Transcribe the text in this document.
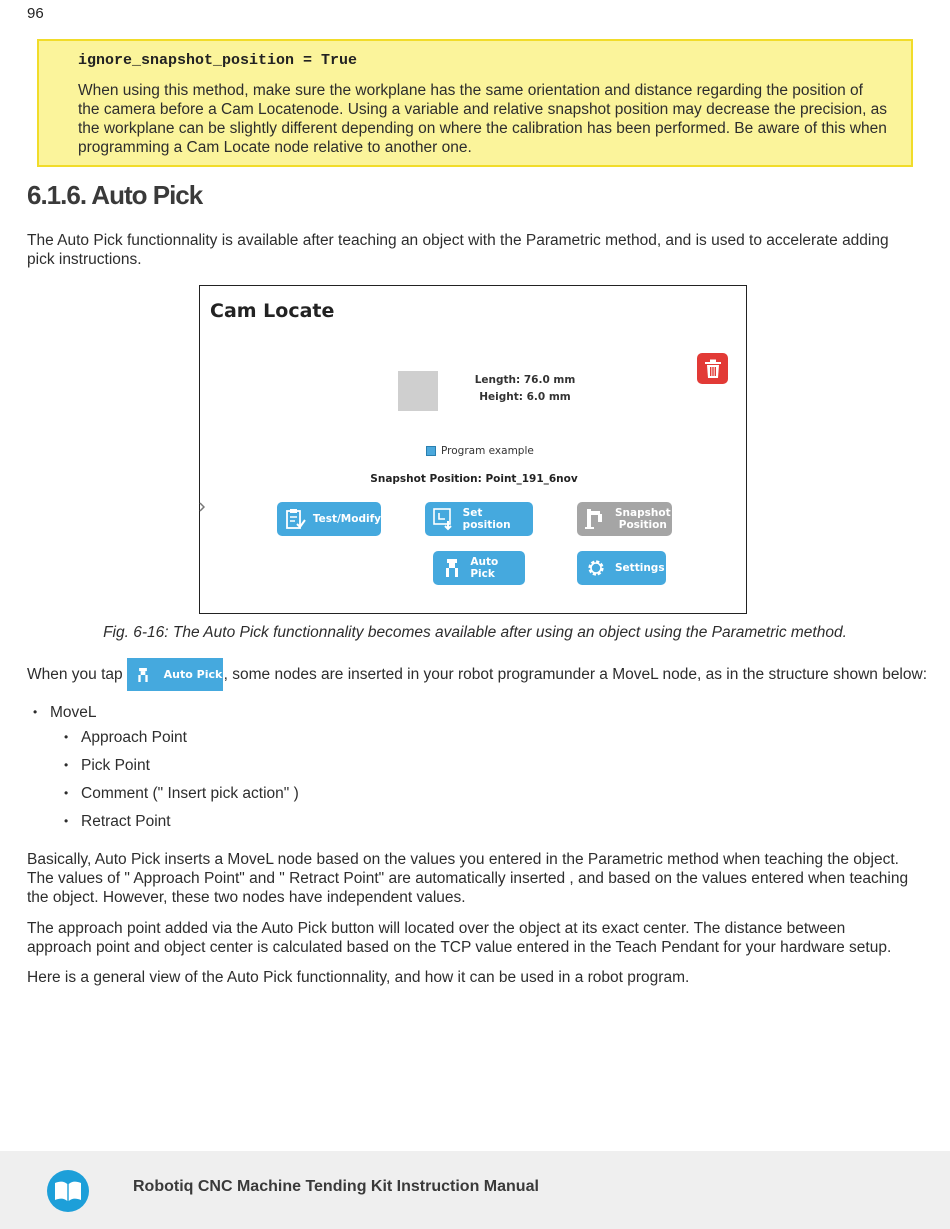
96
ignore_snapshot_position = True

When using this method, make sure the workplane has the same orientation and distance regarding the position of the camera before a Cam Locatenode. Using a variable and relative snapshot position may decrease the precision, as the workplane can be slightly different depending on where the calibration has been performed. Be aware of this when programming a Cam Locate node relative to another one.

6.1.6. Auto Pick

The Auto Pick functionnality is available after teaching an object with the Parametric method, and is used to accelerate adding pick instructions.

Cam Locate
Length: 76.0 mm
Height: 6.0 mm
Program example
Snapshot Position: Point_191_6nov
Test/Modify	Set position
Snapshot
Position
Auto Pick	Settings

Fig. 6-16: The Auto Pick functionnality becomes available after using an object using the Parametric method.

When you tap	Auto Pick , some nodes are inserted in your robot programunder a MoveL node, as in the structure shown below:
• MoveL
• Approach Point
• Pick Point
• Comment (" Insert pick action" )
• Retract Point

Basically, Auto Pick inserts a MoveL node based on the values you entered in the Parametric method when teaching the object. The values of " Approach Point" and " Retract Point" are automatically inserted , and based on the values entered when teaching the object. However, these two nodes have independent values.

The approach point added via the Auto Pick button will located over the object at its exact center. The distance between approach point and object center is calculated based on the TCP value entered in the Teach Pendant for your hardware setup.

Here is a general view of the Auto Pick functionnality, and how it can be used in a robot program.

Robotiq CNC Machine Tending Kit Instruction Manual
